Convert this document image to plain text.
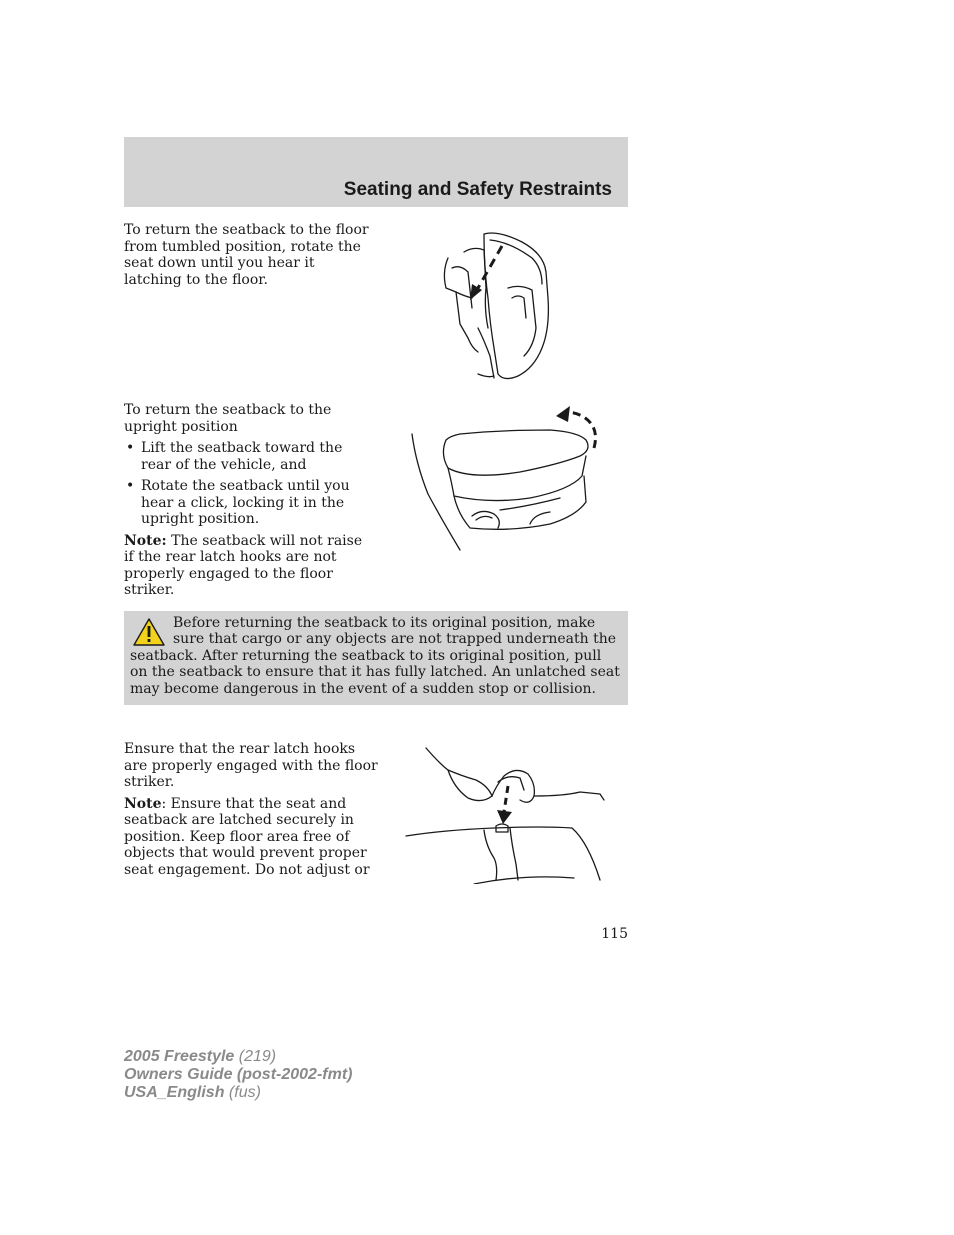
Seating and Safety Restraints

To return the seatback to the floor from tumbled position, rotate the seat down until you hear it latching to the floor.

To return the seatback to the upright position

• Lift the seatback toward the rear of the vehicle, and
• Rotate the seatback until you hear a click, locking it in the upright position.

Note: The seatback will not raise if the rear latch hooks are not properly engaged to the floor striker.

Before returning the seatback to its original position, make sure that cargo or any objects are not trapped underneath the seatback. After returning the seatback to its original position, pull on the seatback to ensure that it has fully latched. An unlatched seat may become dangerous in the event of a sudden stop or collision.

Ensure that the rear latch hooks are properly engaged with the floor striker.

Note: Ensure that the seat and seatback are latched securely in position. Keep floor area free of objects that would prevent proper seat engagement. Do not adjust or

115

2005 Freestyle (219)
Owners Guide (post-2002-fmt)
USA_English (fus)
